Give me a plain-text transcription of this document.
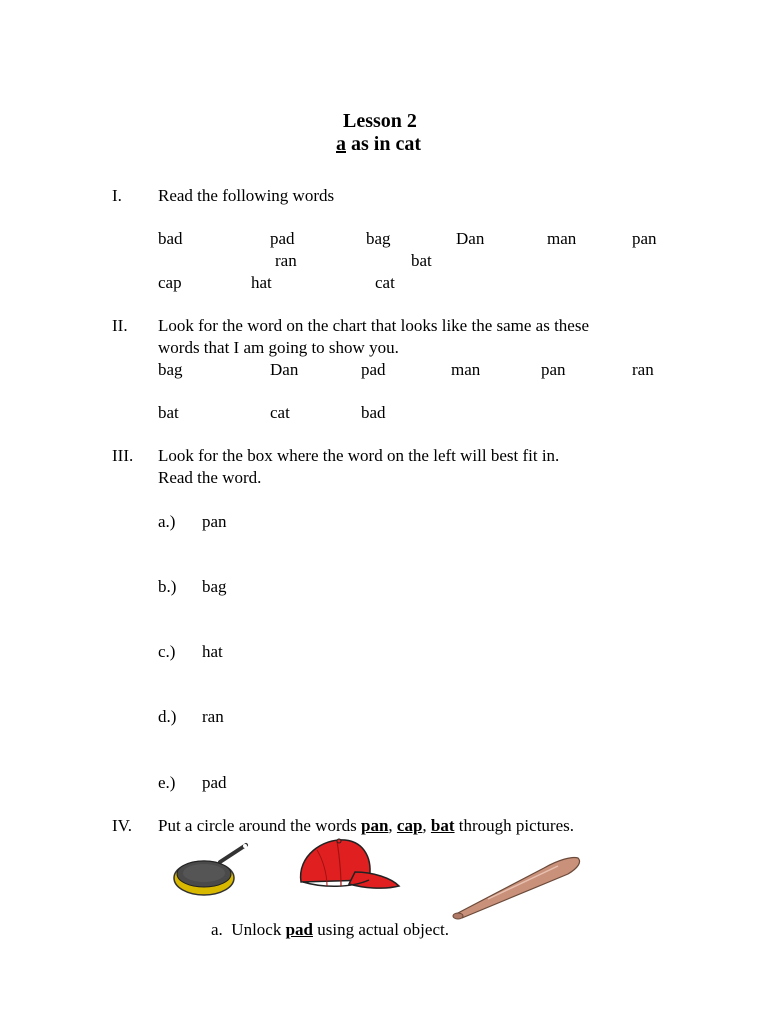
Lesson 2
a as in cat
I. Read the following words
bad	pad	bag	Dan	man	pan
ran	bat
cap	hat	cat
II. Look for the word on the chart that looks like the same as these
words that I am going to show you.
bag	Dan	pad	man	pan	ran
bat	cat	bad
III. Look for the box where the word on the left will best fit in.
Read the word.
a.) pan
b.) bag
c.) hat
d.) ran
e.) pad
IV. Put a circle around the words pan, cap, bat through pictures.
a. Unlock pad using actual object.
